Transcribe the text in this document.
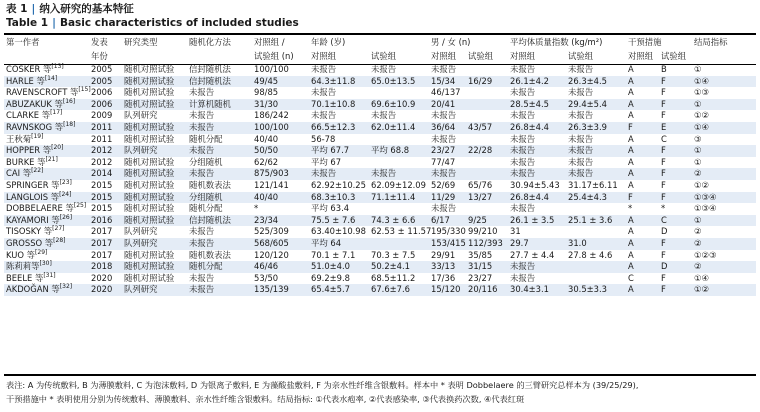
表 1 | 纳入研究的基本特征
Table 1 | Basic characteristics of included studies
第一作者	发表	研究类型	随机化方法	对照组 /	年龄 (岁)		男 / 女 (n)		平均体质量指数 (kg/m²)		干预措施		结局指标
	年份			试验组 (n)	对照组	试验组	对照组	试验组	对照组	试验组	对照组	试验组	
COSKER 等[13]	2005	随机对照试验	信封随机法	100/100	未报告	未报告	未报告		未报告	未报告	A	B	①
HARLE 等[14]	2005	随机对照试验	信封随机法	49/45	64.3±11.8	65.0±13.5	15/34	16/29	26.1±4.2	26.3±4.5	A	F	①④
RAVENSCROFT 等[15]	2006	随机对照试验	未报告	98/85	未报告		46/137		未报告	未报告	A	F	①③
ABUZAKUK 等[16]	2006	随机对照试验	计算机随机	31/30	70.1±10.8	69.6±10.9	20/41		28.5±4.5	29.4±5.4	A	F	①
CLARKE 等[17]	2009	队列研究	未报告	186/242	未报告	未报告	未报告		未报告	未报告	A	F	①②
RAVNSKOG 等[18]	2011	随机对照试验	未报告	100/100	66.5±12.3	62.0±11.4	36/64	43/57	26.8±4.4	26.3±3.9	F	E	①④
王秋菊[19]	2011	随机对照试验	随机分配	40/40	56-78		未报告		未报告	未报告	A	C	③
HOPPER 等[20]	2012	队列研究	未报告	50/50	平均 67.7	平均 68.8	23/27	22/28	未报告	未报告	A	F	①
BURKE 等[21]	2012	随机对照试验	分组随机	62/62	平均 67		77/47		未报告	未报告	A	F	①
CAI 等[22]	2014	随机对照试验	未报告	875/903	未报告	未报告	未报告		未报告	未报告	A	F	②
SPRINGER 等[23]	2015	随机对照试验	随机数表法	121/141	62.92±10.25	62.09±12.09	52/69	65/76	30.94±5.43	31.17±6.11	A	F	①②
LANGLOIS 等[24]	2015	随机对照试验	分组随机	40/40	68.3±10.3	71.1±11.4	11/29	13/27	26.8±4.4	25.4±4.3	F	F	①③④
DOBBELAERE 等[25]	2015	随机对照试验	随机分配	*	平均 63.4		未报告		未报告		*	*	①③④
KAYAMORI 等[26]	2016	随机对照试验	信封随机法	23/34	75.5 ± 7.6	74.3 ± 6.6	6/17	9/25	26.1 ± 3.5	25.1 ± 3.6	A	C	①
TISOSKY 等[27]	2017	队列研究	未报告	525/309	63.40±10.98	62.53 ± 11.57	195/330	99/210	31		A	D	②
GROSSO 等[28]	2017	队列研究	未报告	568/605	平均 64		153/415	112/393	29.7	31.0	A	F	②
KUO 等[29]	2017	随机对照试验	随机数表法	120/120	70.1 ± 7.1	70.3 ± 7.5	29/91	35/85	27.7 ± 4.4	27.8 ± 4.6	A	F	①②③
陈莉莉等[30]	2018	随机对照试验	随机分配	46/46	51.0±4.0	50.2±4.1	33/13	31/15	未报告		A	D	②
BEELE 等[31]	2020	随机对照试验	未报告	53/50	69.2±9.8	68.5±11.2	17/36	23/27	未报告		C	F	①④
AKDOĞAN 等[32]	2020	队列研究	未报告	135/139	65.4±5.7	67.6±7.6	15/120	20/116	30.4±3.1	30.5±3.3	A	F	①②
表注: A 为传统敷料, B 为薄膜敷料, C 为泡沫敷料, D 为银离子敷料, E 为藻酸盐敷料, F 为亲水性纤维含银敷料。样本中 * 表明 Dobbelaere 的三臂研究总样本为 (39/25/29),
干预措施中 * 表明使用分别为传统敷料、薄膜敷料、亲水性纤维含银敷料。结局指标: ①代表水疱率, ②代表感染率, ③代表换药次数, ④代表红斑
